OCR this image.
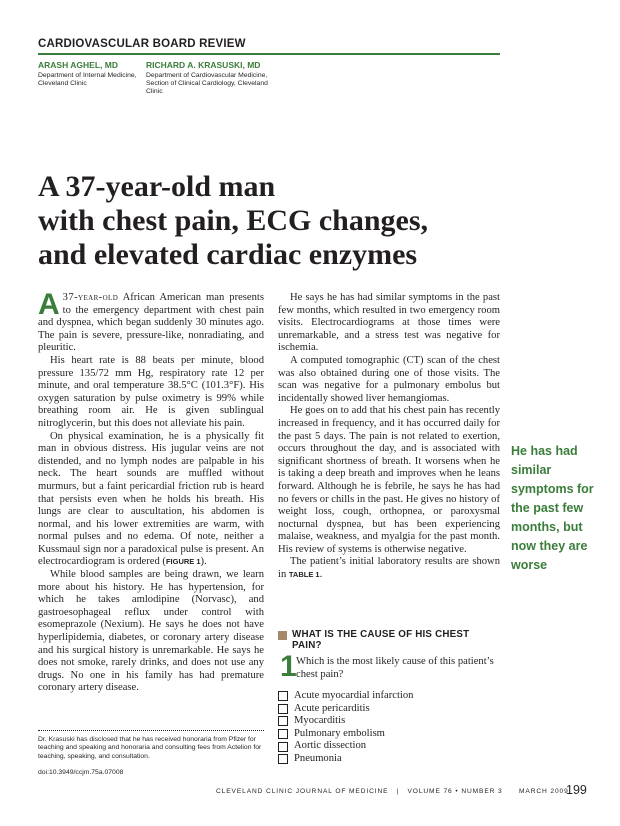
CARDIOVASCULAR BOARD REVIEW
ARASH AGHEL, MD
Department of Internal Medicine, Cleveland Clinic
RICHARD A. KRASUSKI, MD
Department of Cardiovascular Medicine, Section of Clinical Cardiology, Cleveland Clinic
A 37-year-old man
with chest pain, ECG changes,
and elevated cardiac enzymes

A 37-year-old African American man presents to the emergency department with chest pain and dyspnea, which began suddenly 30 minutes ago. The pain is severe, pressure-like, nonradiating, and pleuritic.

His heart rate is 88 beats per minute, blood pressure 135/72 mm Hg, respiratory rate 12 per minute, and oral temperature 38.5°C (101.3°F). His oxygen saturation by pulse oximetry is 99% while breathing room air. He is given sublingual nitroglycerin, but this does not alleviate his pain.

On physical examination, he is a physically fit man in obvious distress. His jugular veins are not distended, and no lymph nodes are palpable in his neck. The heart sounds are muffled without murmurs, but a faint pericardial friction rub is heard that persists even when he holds his breath. His lungs are clear to auscultation, his abdomen is normal, and his lower extremities are warm, with normal pulses and no edema. Of note, neither a Kussmaul sign nor a paradoxical pulse is present. An electrocardiogram is ordered (FIGURE 1).

While blood samples are being drawn, we learn more about his history. He has hypertension, for which he takes amlodipine (Norvasc), and gastroesophageal reflux under control with esomeprazole (Nexium). He says he does not have hyperlipidemia, diabetes, or coronary artery disease and his surgical history is unremarkable. He says he does not smoke, rarely drinks, and does not use any drugs. No one in his family has had premature coronary artery disease.

He says he has had similar symptoms in the past few months, which resulted in two emergency room visits. Electrocardiograms at those times were unremarkable, and a stress test was negative for ischemia.

A computed tomographic (CT) scan of the chest was also obtained during one of those visits. The scan was negative for a pulmonary embolus but incidentally showed liver hemangiomas.

He goes on to add that his chest pain has recently increased in frequency, and it has occurred daily for the past 5 days. The pain is not related to exertion, occurs throughout the day, and is associated with significant shortness of breath. It worsens when he is taking a deep breath and improves when he leans forward. Although he is febrile, he says he has had no fevers or chills in the past. He gives no history of weight loss, cough, orthopnea, or paroxysmal nocturnal dyspnea, but has been experiencing malaise, weakness, and myalgia for the past month. His review of systems is otherwise negative.

The patient’s initial laboratory results are shown in TABLE 1.

He has had similar symptoms for the past few months, but now they are worse
WHAT IS THE CAUSE OF HIS CHEST PAIN?
1 Which is the most likely cause of this patient’s chest pain?
Acute myocardial infarction
Acute pericarditis
Myocarditis
Pulmonary embolism
Aortic dissection
Pneumonia
Dr. Krasuski has disclosed that he has received honoraria from Pfizer for teaching and speaking and honoraria and consulting fees from Actelion for teaching, speaking, and consultation.
doi:10.3949/ccjm.75a.07008
CLEVELAND CLINIC JOURNAL OF MEDICINE   |   VOLUME 76 • NUMBER 3 MARCH 2009
199
